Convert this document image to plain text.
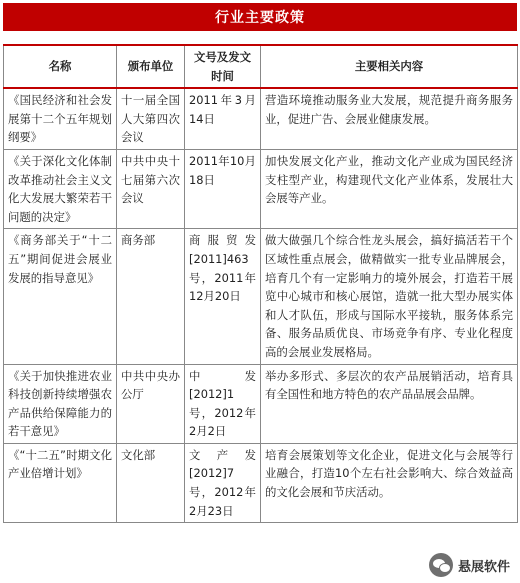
行业主要政策
名称	颁布单位	文号及发文时间	主要相关内容
《国民经济和社会发展第十二个五年规划纲要》	十一届全国人大第四次会议	2011年3月14日	营造环境推动服务业大发展，规范提升商务服务业，促进广告、会展业健康发展。
《关于深化文化体制改革推动社会主义文化大发展大繁荣若干问题的决定》	中共中央十七届第六次会议	2011年10月18日	加快发展文化产业，推动文化产业成为国民经济支柱型产业，构建现代文化产业体系，发展壮大会展等产业。
《商务部关于“十二五”期间促进会展业发展的指导意见》	商务部	商服贸发[2011]463号，2011年12月20日	做大做强几个综合性龙头展会，搞好搞活若干个区域性重点展会，做精做实一批专业品牌展会，培育几个有一定影响力的境外展会，打造若干展览中心城市和核心展馆，造就一批大型办展实体和人才队伍，形成与国际水平接轨，服务体系完备、服务品质优良、市场竞争有序、专业化程度高的会展业发展格局。
《关于加快推进农业科技创新持续增强农产品供给保障能力的若干意见》	中共中央办公厅	中发[2012]1号，2012年2月2日	举办多形式、多层次的农产品展销活动，培育具有全国性和地方特色的农产品品展会品牌。
《“十二五”时期文化产业倍增计划》	文化部	文产发[2012]7号，2012年2月23日	培育会展策划等文化企业，促进文化与会展等行业融合，打造10个左右社会影响大、综合效益高的文化会展和节庆活动。
悬展软件
